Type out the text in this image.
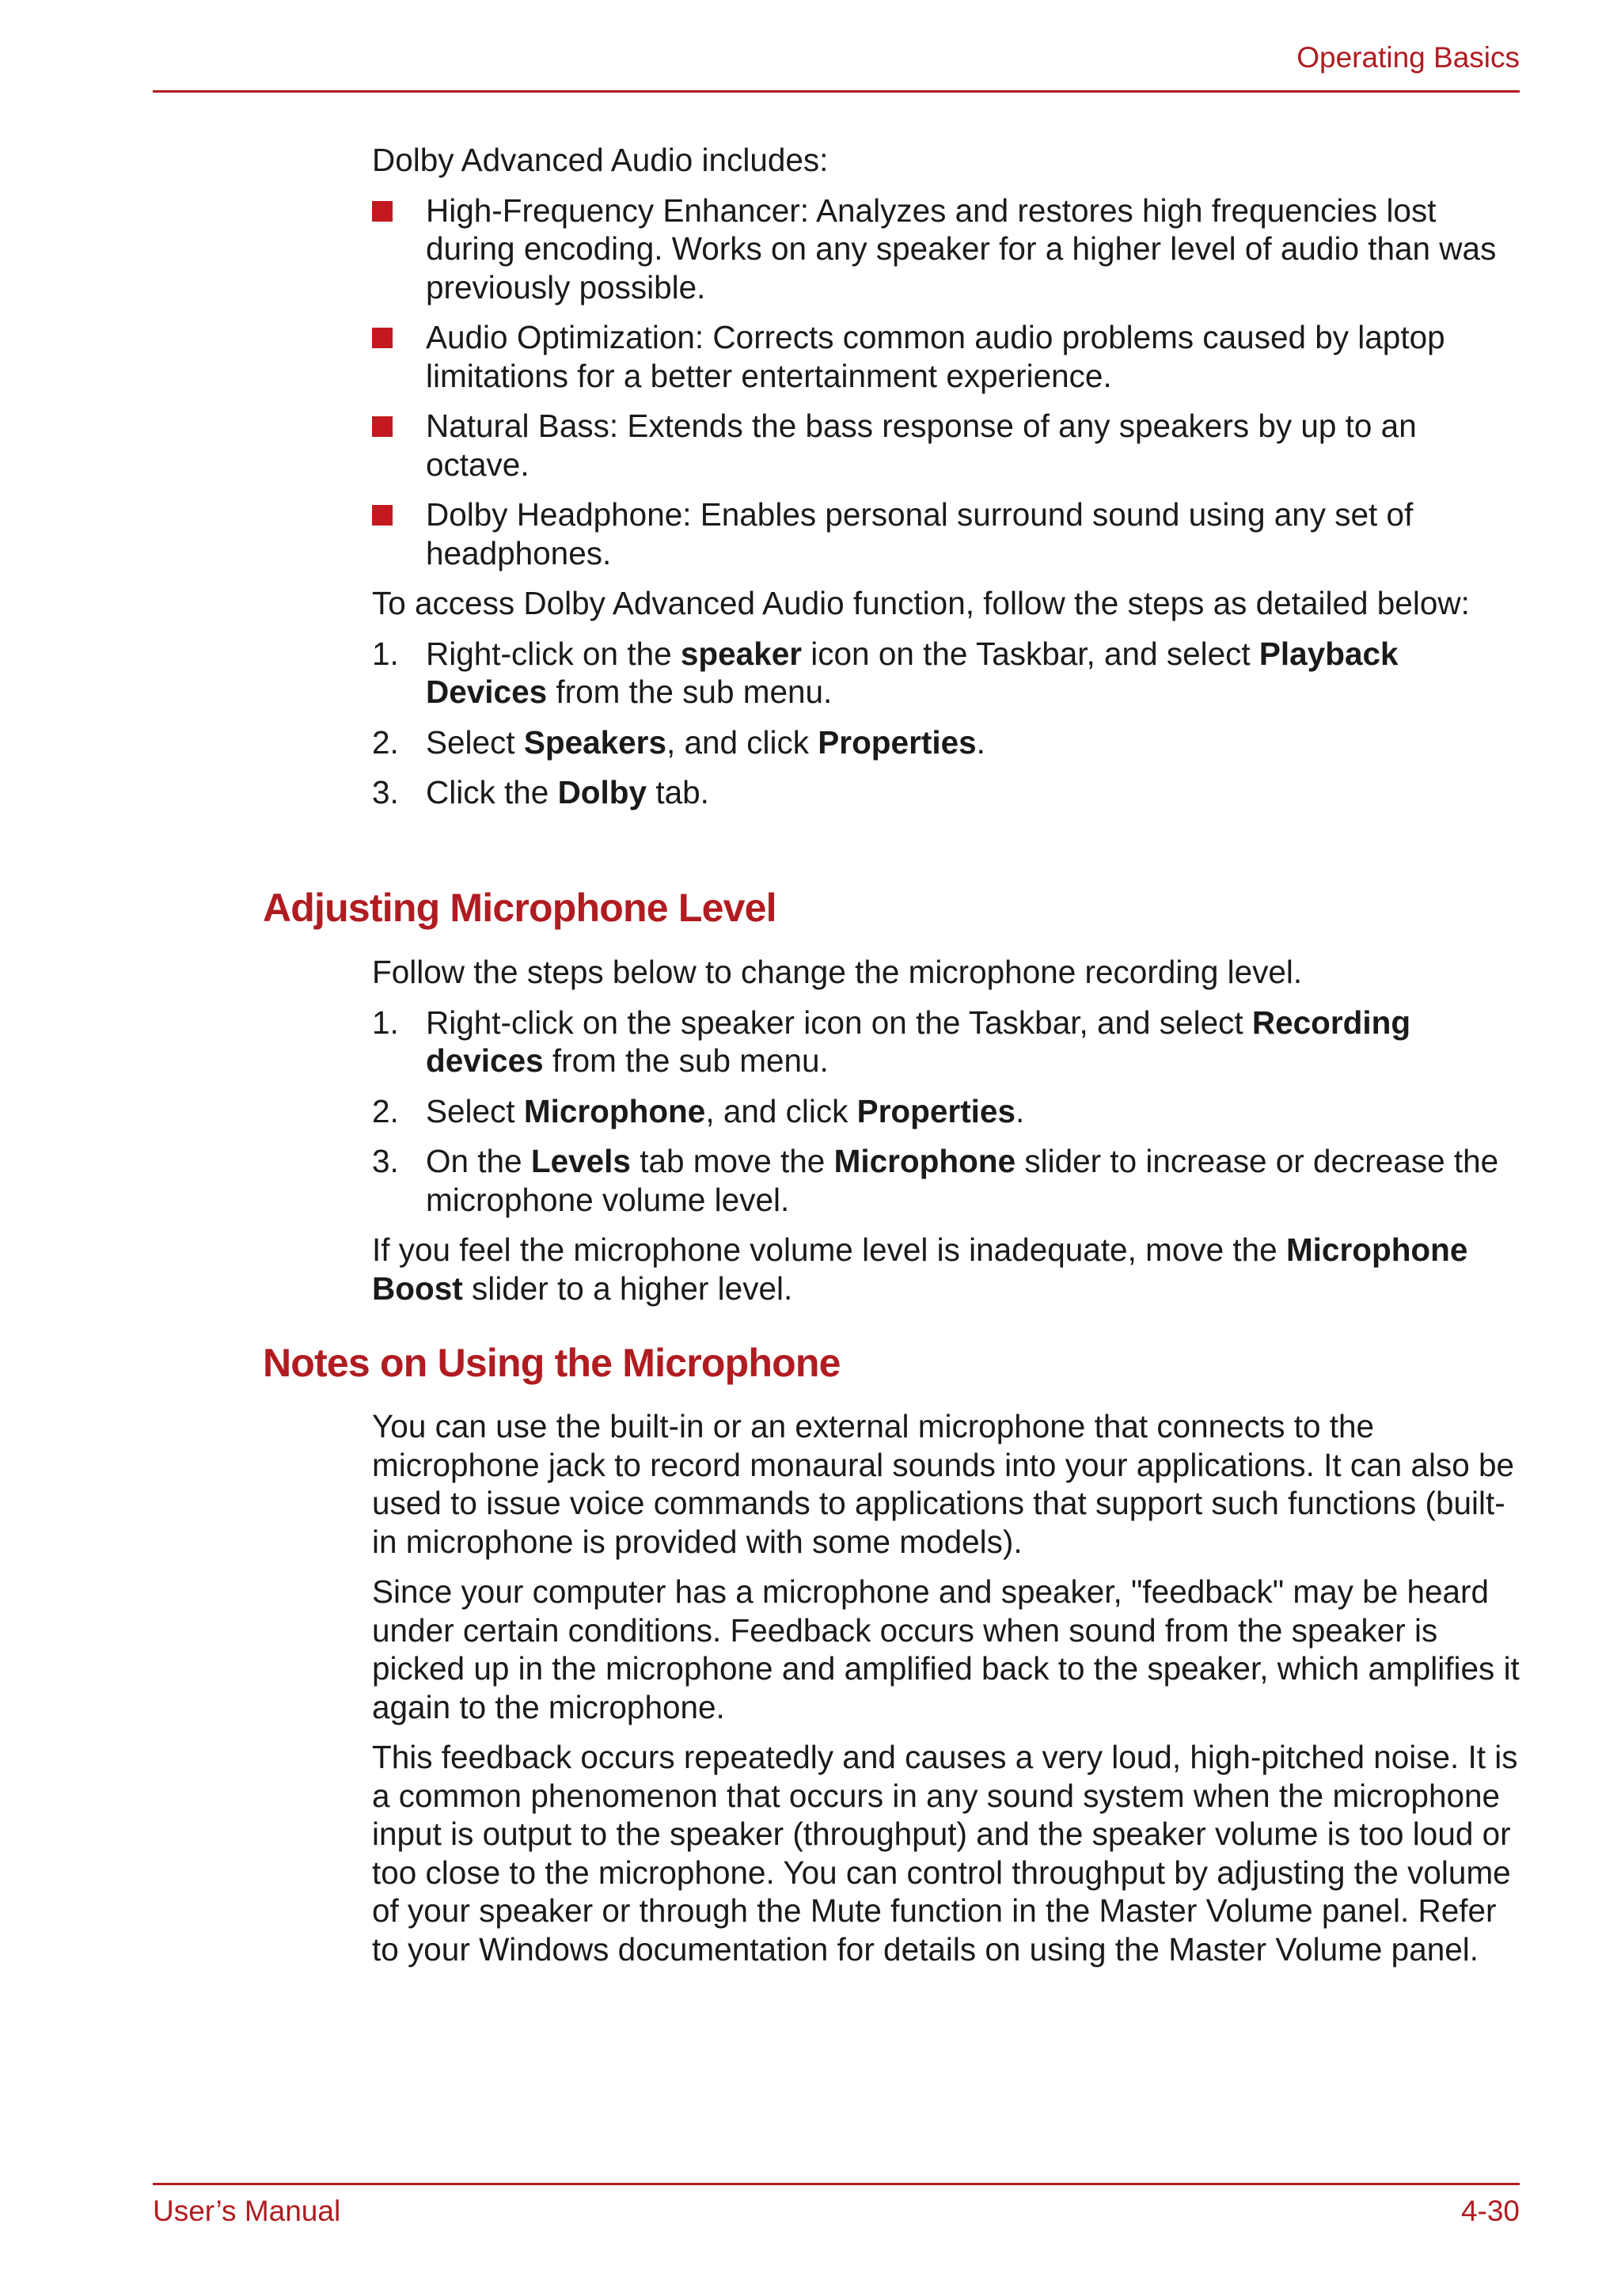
Operating Basics

Dolby Advanced Audio includes:

High-Frequency Enhancer: Analyzes and restores high frequencies lost during encoding. Works on any speaker for a higher level of audio than was previously possible.
Audio Optimization: Corrects common audio problems caused by laptop limitations for a better entertainment experience.
Natural Bass: Extends the bass response of any speakers by up to an octave.
Dolby Headphone: Enables personal surround sound using any set of headphones.

To access Dolby Advanced Audio function, follow the steps as detailed below:

1. Right-click on the speaker icon on the Taskbar, and select Playback Devices from the sub menu.
2. Select Speakers, and click Properties.
3. Click the Dolby tab.
Adjusting Microphone Level

Follow the steps below to change the microphone recording level.

1. Right-click on the speaker icon on the Taskbar, and select Recording devices from the sub menu.
2. Select Microphone, and click Properties.
3. On the Levels tab move the Microphone slider to increase or decrease the microphone volume level.

If you feel the microphone volume level is inadequate, move the Microphone Boost slider to a higher level.

Notes on Using the Microphone

You can use the built-in or an external microphone that connects to the microphone jack to record monaural sounds into your applications. It can also be used to issue voice commands to applications that support such functions (built-in microphone is provided with some models).

Since your computer has a microphone and speaker, "feedback" may be heard under certain conditions. Feedback occurs when sound from the speaker is picked up in the microphone and amplified back to the speaker, which amplifies it again to the microphone.

This feedback occurs repeatedly and causes a very loud, high-pitched noise. It is a common phenomenon that occurs in any sound system when the microphone input is output to the speaker (throughput) and the speaker volume is too loud or too close to the microphone. You can control throughput by adjusting the volume of your speaker or through the Mute function in the Master Volume panel. Refer to your Windows documentation for details on using the Master Volume panel.

User’s Manual	4-30
